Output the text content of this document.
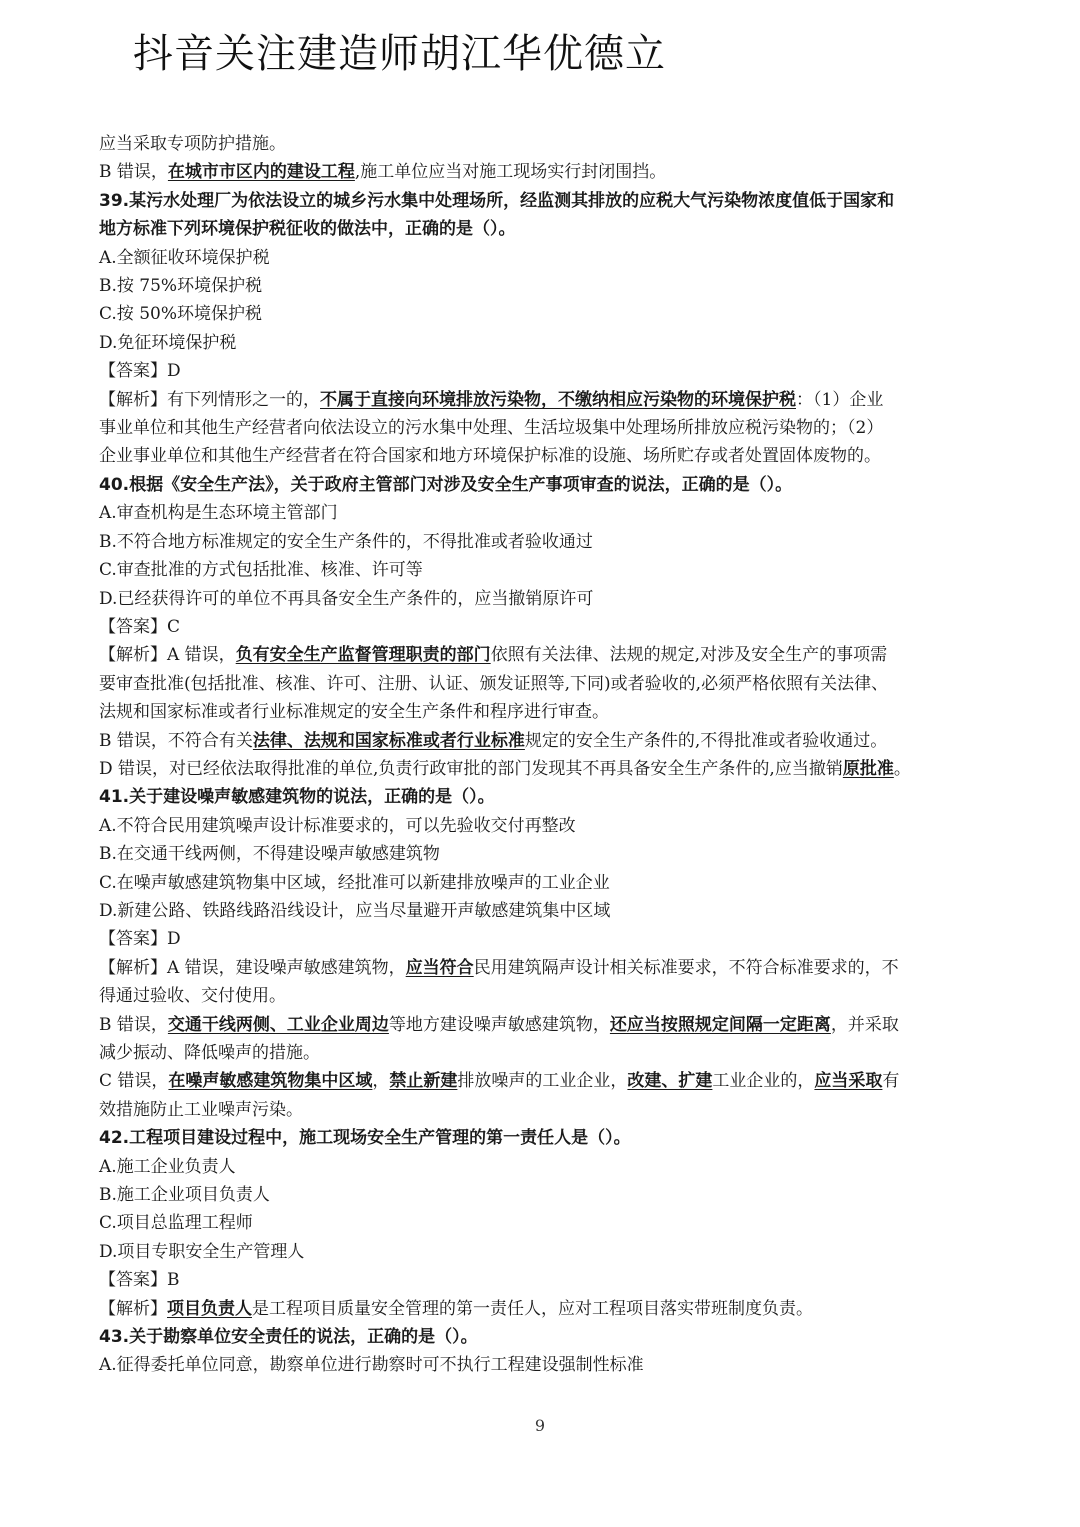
抖音关注建造师胡江华优德立
应当采取专项防护措施。
B 错误，在城市市区内的建设工程,施工单位应当对施工现场实行封闭围挡。
39.某污水处理厂为依法设立的城乡污水集中处理场所，经监测其排放的应税大气污染物浓度值低于国家和
地方标准下列环境保护税征收的做法中，正确的是（）。
A.全额征收环境保护税
B.按 75%环境保护税
C.按 50%环境保护税
D.免征环境保护税
【答案】D
【解析】有下列情形之一的，不属于直接向环境排放污染物，不缴纳相应污染物的环境保护税：（1）企业
事业单位和其他生产经营者向依法设立的污水集中处理、生活垃圾集中处理场所排放应税污染物的；（2）
企业事业单位和其他生产经营者在符合国家和地方环境保护标准的设施、场所贮存或者处置固体废物的。
40.根据《安全生产法》，关于政府主管部门对涉及安全生产事项审查的说法，正确的是（）。
A.审查机构是生态环境主管部门
B.不符合地方标准规定的安全生产条件的，不得批准或者验收通过
C.审查批准的方式包括批准、核准、许可等
D.已经获得许可的单位不再具备安全生产条件的，应当撤销原许可
【答案】C
【解析】A 错误，负有安全生产监督管理职责的部门依照有关法律、法规的规定,对涉及安全生产的事项需
要审查批准(包括批准、核准、许可、注册、认证、颁发证照等,下同)或者验收的,必须严格依照有关法律、
法规和国家标准或者行业标准规定的安全生产条件和程序进行审查。
B 错误，不符合有关法律、法规和国家标准或者行业标准规定的安全生产条件的,不得批准或者验收通过。
D 错误，对已经依法取得批准的单位,负责行政审批的部门发现其不再具备安全生产条件的,应当撤销原批准。
41.关于建设噪声敏感建筑物的说法，正确的是（）。
A.不符合民用建筑噪声设计标准要求的，可以先验收交付再整改
B.在交通干线两侧，不得建设噪声敏感建筑物
C.在噪声敏感建筑物集中区域，经批准可以新建排放噪声的工业企业
D.新建公路、铁路线路沿线设计，应当尽量避开声敏感建筑集中区域
【答案】D
【解析】A 错误，建设噪声敏感建筑物，应当符合民用建筑隔声设计相关标准要求，不符合标准要求的，不
得通过验收、交付使用。
B 错误，交通干线两侧、工业企业周边等地方建设噪声敏感建筑物，还应当按照规定间隔一定距离，并采取
减少振动、降低噪声的措施。
C 错误，在噪声敏感建筑物集中区域，禁止新建排放噪声的工业企业，改建、扩建工业企业的，应当采取有
效措施防止工业噪声污染。
42.工程项目建设过程中，施工现场安全生产管理的第一责任人是（）。
A.施工企业负责人
B.施工企业项目负责人
C.项目总监理工程师
D.项目专职安全生产管理人
【答案】B
【解析】项目负责人是工程项目质量安全管理的第一责任人，应对工程项目落实带班制度负责。
43.关于勘察单位安全责任的说法，正确的是（）。
A.征得委托单位同意，勘察单位进行勘察时可不执行工程建设强制性标准
9
